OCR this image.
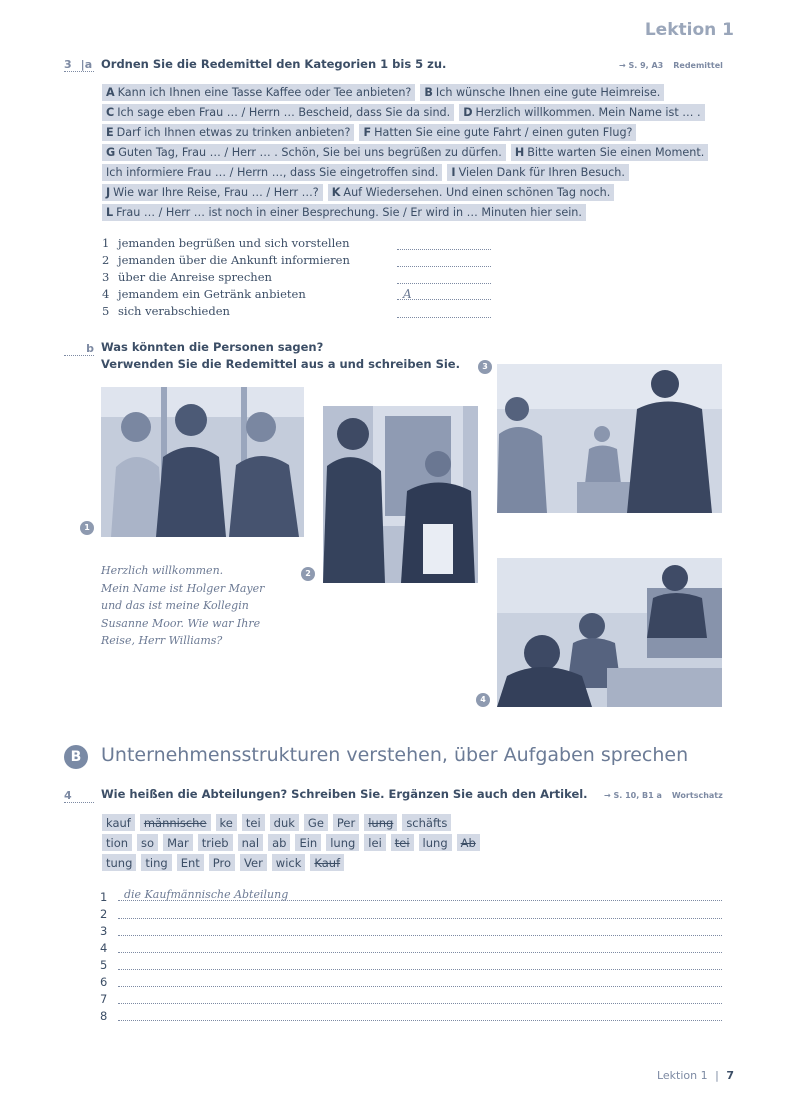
Lektion 1
3 |a Ordnen Sie die Redemittel den Kategorien 1 bis 5 zu.	→ S. 9, A3 Redemittel
A Kann ich Ihnen eine Tasse Kaffee oder Tee anbieten?	B Ich wünsche Ihnen eine gute Heimreise.
C Ich sage eben Frau … / Herrn … Bescheid, dass Sie da sind.	D Herzlich willkommen. Mein Name ist … .
E Darf ich Ihnen etwas zu trinken anbieten?	F Hatten Sie eine gute Fahrt / einen guten Flug?
G Guten Tag, Frau … / Herr … . Schön, Sie bei uns begrüßen zu dürfen.	H Bitte warten Sie einen Moment.
Ich informiere Frau … / Herrn …, dass Sie eingetroffen sind.	I Vielen Dank für Ihren Besuch.
J Wie war Ihre Reise, Frau … / Herr …?	K Auf Wiedersehen. Und einen schönen Tag noch.
L Frau … / Herr … ist noch in einer Besprechung. Sie / Er wird in … Minuten hier sein.
1 jemanden begrüßen und sich vorstellen
2 jemanden über die Ankunft informieren
3 über die Anreise sprechen
4 jemandem ein Getränk anbieten
5 sich verabschieden
A
b Was könnten die Personen sagen?
Verwenden Sie die Redemittel aus a und schreiben Sie.
1
Herzlich willkommen.
Mein Name ist Holger Mayer
und das ist meine Kollegin
Susanne Moor. Wie war Ihre
Reise, Herr Williams?
2
3
4
B	Unternehmensstrukturen verstehen, über Aufgaben sprechen
4	Wie heißen die Abteilungen? Schreiben Sie. Ergänzen Sie auch den Artikel. → S. 10, B1 a Wortschatz
kauf	männische	ke	tei	duk	Ge	Per	lung	schäfts
tion	so	Mar	trieb	nal	ab	Ein	lung	lei	tei	lung	Ab
tung	ting	Ent	Pro	Ver	wick	Kauf
1	die Kaufmännische Abteilung
2
3
4
5
6
7
8
Lektion 1 | 7
